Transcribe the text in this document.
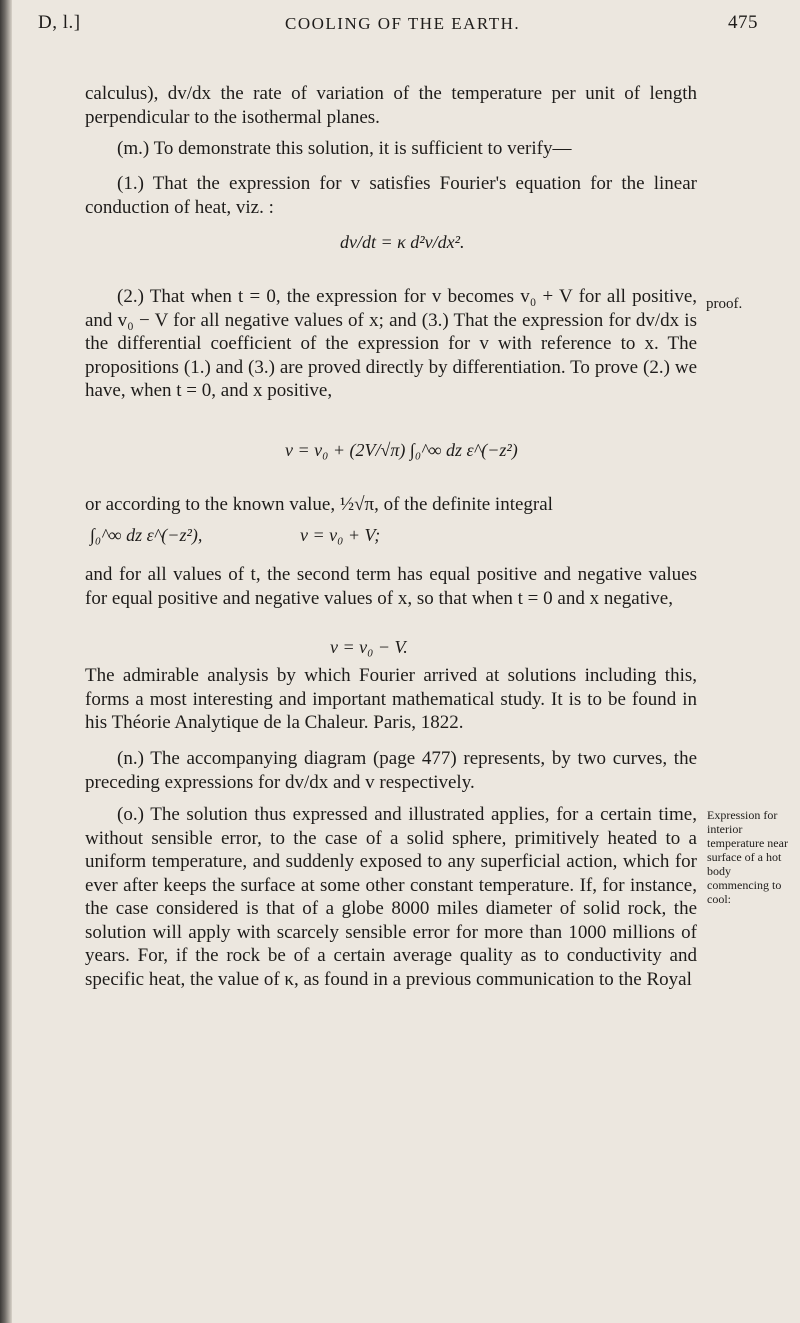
D, l.]	COOLING OF THE EARTH.	475

calculus), dv/dx the rate of variation of the temperature per unit of length perpendicular to the isothermal planes.

(m.) To demonstrate this solution, it is sufficient to verify—

(1.) That the expression for v satisfies Fourier's equation for the linear conduction of heat, viz. :

dv/dt = κ d²v/dx².

(2.) That when t = 0, the expression for v becomes v₀ + V for all positive, and v₀ − V for all negative values of x; and (3.) That the expression for dv/dx is the differential coefficient of the expression for v with reference to x. The propositions (1.) and (3.) are proved directly by differentiation. To prove (2.) we have, when t = 0, and x positive,

v = v₀ + (2V/√π) ∫₀^∞ dz ε^(−z²)

or according to the known value, ½√π, of the definite integral

∫₀^∞ dz ε^(−z²),	v = v₀ + V;

and for all values of t, the second term has equal positive and negative values for equal positive and negative values of x, so that when t = 0 and x negative,

v = v₀ − V.

The admirable analysis by which Fourier arrived at solutions including this, forms a most interesting and important mathematical study. It is to be found in his Théorie Analytique de la Chaleur. Paris, 1822.

(n.) The accompanying diagram (page 477) represents, by two curves, the preceding expressions for dv/dx and v respectively.

(o.) The solution thus expressed and illustrated applies, for a certain time, without sensible error, to the case of a solid sphere, primitively heated to a uniform temperature, and suddenly exposed to any superficial action, which for ever after keeps the surface at some other constant temperature. If, for instance, the case considered is that of a globe 8000 miles diameter of solid rock, the solution will apply with scarcely sensible error for more than 1000 millions of years. For, if the rock be of a certain average quality as to conductivity and specific heat, the value of κ, as found in a previous communication to the Royal

proof.
Expression for interior temperature near surface of a hot body commencing to cool:
